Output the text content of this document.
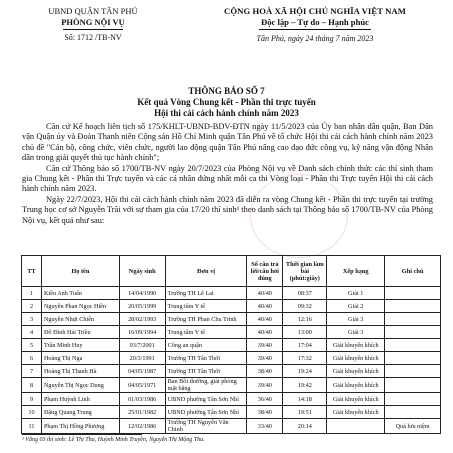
UBND QUẬN TÂN PHÚ
PHÒNG NỘI VỤ
Số: 1712 /TB-NV
CỘNG HOÀ XÃ HỘI CHỦ NGHĨA VIỆT NAM
Độc lập – Tự do – Hạnh phúc
Tân Phú, ngày 24 tháng 7 năm 2023
THÔNG BÁO SỐ 7
Kết quả Vòng Chung kết - Phần thi trực tuyến
Hội thi cải cách hành chính năm 2023

Căn cứ Kế hoạch liên tịch số 175/KHLT-UBND-BDV-ĐTN ngày 11/5/2023 của Ủy ban nhân dân quận, Ban Dân vận Quận ủy và Đoàn Thanh niên Cộng sản Hồ Chí Minh quận Tân Phú về tổ chức Hội thi cải cách hành chính năm 2023 chủ đề "Cán bộ, công chức, viên chức, người lao động quận Tân Phú nâng cao đạo đức công vụ, kỹ năng vận động Nhân dân trong giải quyết thủ tục hành chính";

Căn cứ Thông báo số 1700/TB-NV ngày 20/7/2023 của Phòng Nội vụ về Danh sách chính thức các thí sinh tham gia Chung kết - Phần thi Trực tuyến và các cá nhân đứng nhất mỗi ca thi Vòng loại - Phần thi Trực tuyến Hội thi cải cách hành chính năm 2023.

Ngày 22/7/2023, Hội thi cải cách hành chính năm 2023 đã diễn ra vòng Chung kết - Phần thi trực tuyến tại trường Trung học cơ sở Nguyễn Trãi với sự tham gia của 17/20 thí sinh¹ theo danh sách tại Thông báo số 1700/TB-NV của Phòng Nội vụ, kết quả như sau:

TT	Họ tên	Ngày sinh	Đơn vị	Số câu trả lời/câu hỏi đúng	Thời gian làm bài (phút:giây)	Xếp hạng	Ghi chú
1	Kiều Anh Tuấn	14/04/1990	Trường TH Lê Lai	40/40	08:37	Giải 1	
2	Nguyễn Phan Ngọc Hiền	20/05/1999	Trung tâm Y tế	40/40	09:32	Giải 2	
3	Nguyễn Nhựt Chiến	28/02/1993	Trường TH Phan Chu Trinh	40/40	12:16	Giải 3	
4	Đỗ Đình Hải Triều	16/09/1994	Trung tâm Y tế	40/40	13:00	Giải 3	
5	Trần Minh Huy	03/7/2001	Công an quận	39/40	17:04	Giải khuyến khích	
6	Hoàng Thị Nga	20/3/1991	Trường TH Tân Thới	39/40	17:32	Giải khuyến khích	
7	Hoàng Thị Thanh Hà	04/05/1987	Trường TH Tân Thới	38/40	19:24	Giải khuyến khích	
8	Nguyễn Thị Ngọc Dung	04/05/1971	Ban Bồi thường, giải phóng mặt bằng	39/40	19:42	Giải khuyến khích	
9	Phạm Huỳnh Linh	01/03/1986	UBND phường Tân Sơn Nhì	36/40	14:18	Giải khuyến khích	
10	Đặng Quang Trung	25/01/1982	UBND phường Tân Sơn Nhì	38/40	19:51	Giải khuyến khích	
11	Phạm Thị Hồng Phượng	12/02/1986	Trường TH Nguyễn Văn Chinh	33/40	20:14		Quá lưu niệm
¹ Vắng 03 thí sinh: Lê Thị Thu, Huỳnh Minh Truyền, Nguyễn Thị Mộng Thu.
